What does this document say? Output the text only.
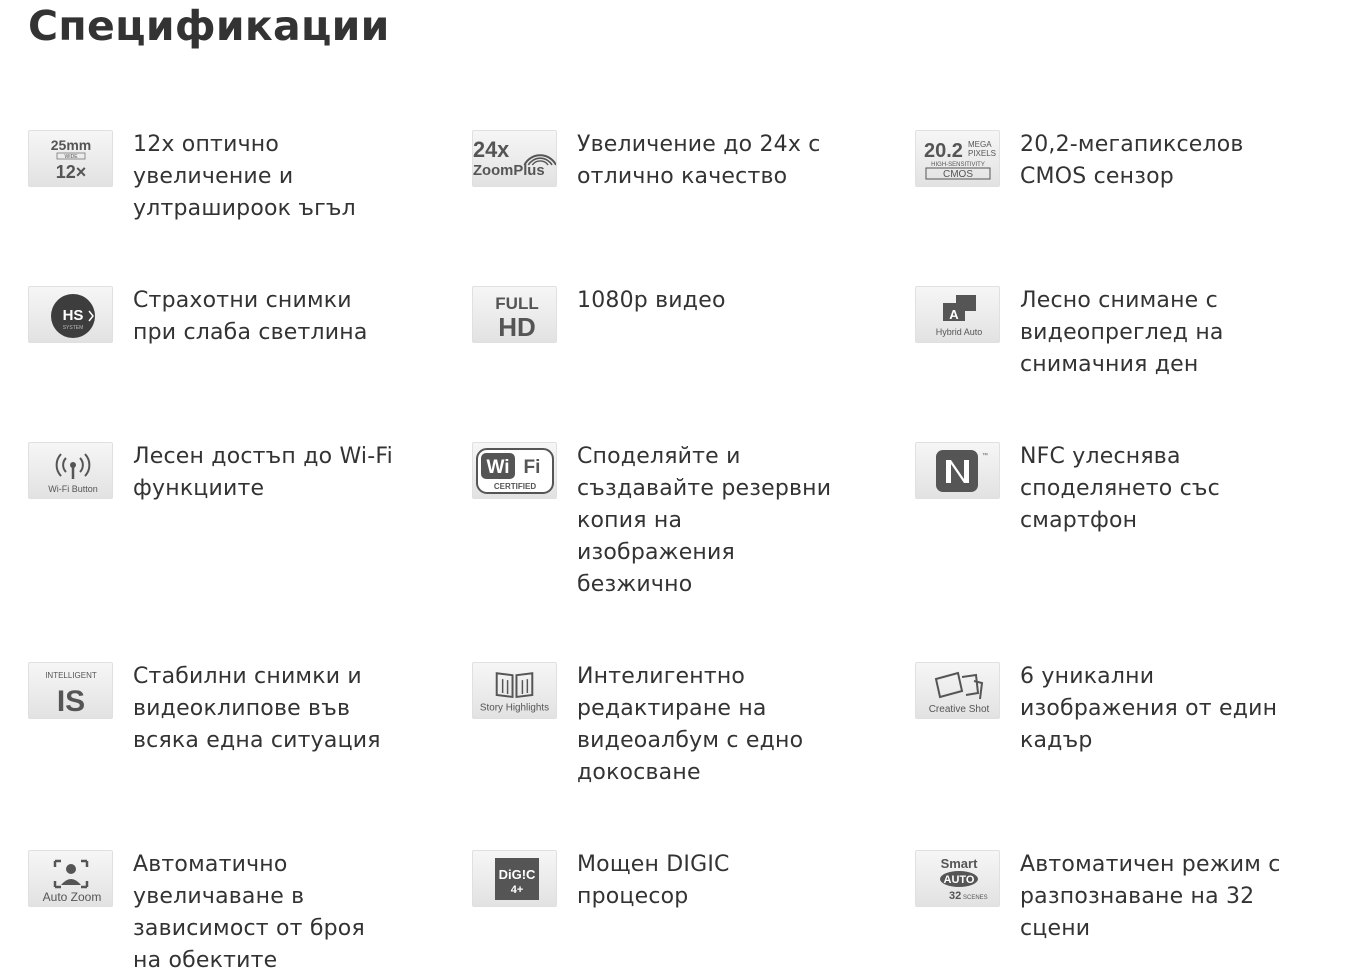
Спецификации
25mm
WIDE
12×
12x оптично увеличение и ултрашироок ъгъл
24x
ZoomPlus
Увеличение до 24x с отлично качество
20.2 MEGA
PIXELS
HIGH-SENSITIVITY
CMOS
20,2-мегапикселов CMOS сензор
HS
SYSTEM
Страхотни снимки при слаба светлина
FULL
HD
1080p видео
A
Hybrid Auto
Лесно снимане с видеопреглед на снимачния ден
Wi-Fi Button
Лесен достъп до Wi-Fi функциите
Wi Fi
CERTIFIED
Споделяйте и създавайте резервни копия на изображения безжично
™ NFC улеснява споделянето със смартфон
INTELLIGENT
IS
Стабилни снимки и видеоклипове във всяка една ситуация
Story Highlights
Интелигентно редактиране на видеоалбум с едно докосване
Creative Shot
6 уникални изображения от един кадър
Auto Zoom
Автоматично увеличаване в зависимост от броя на обектите
DiG!C
4+
Мощен DIGIC процесор
Smart
AUTO
32 SCENES
Автоматичен режим с разпознаване на 32 сцени
